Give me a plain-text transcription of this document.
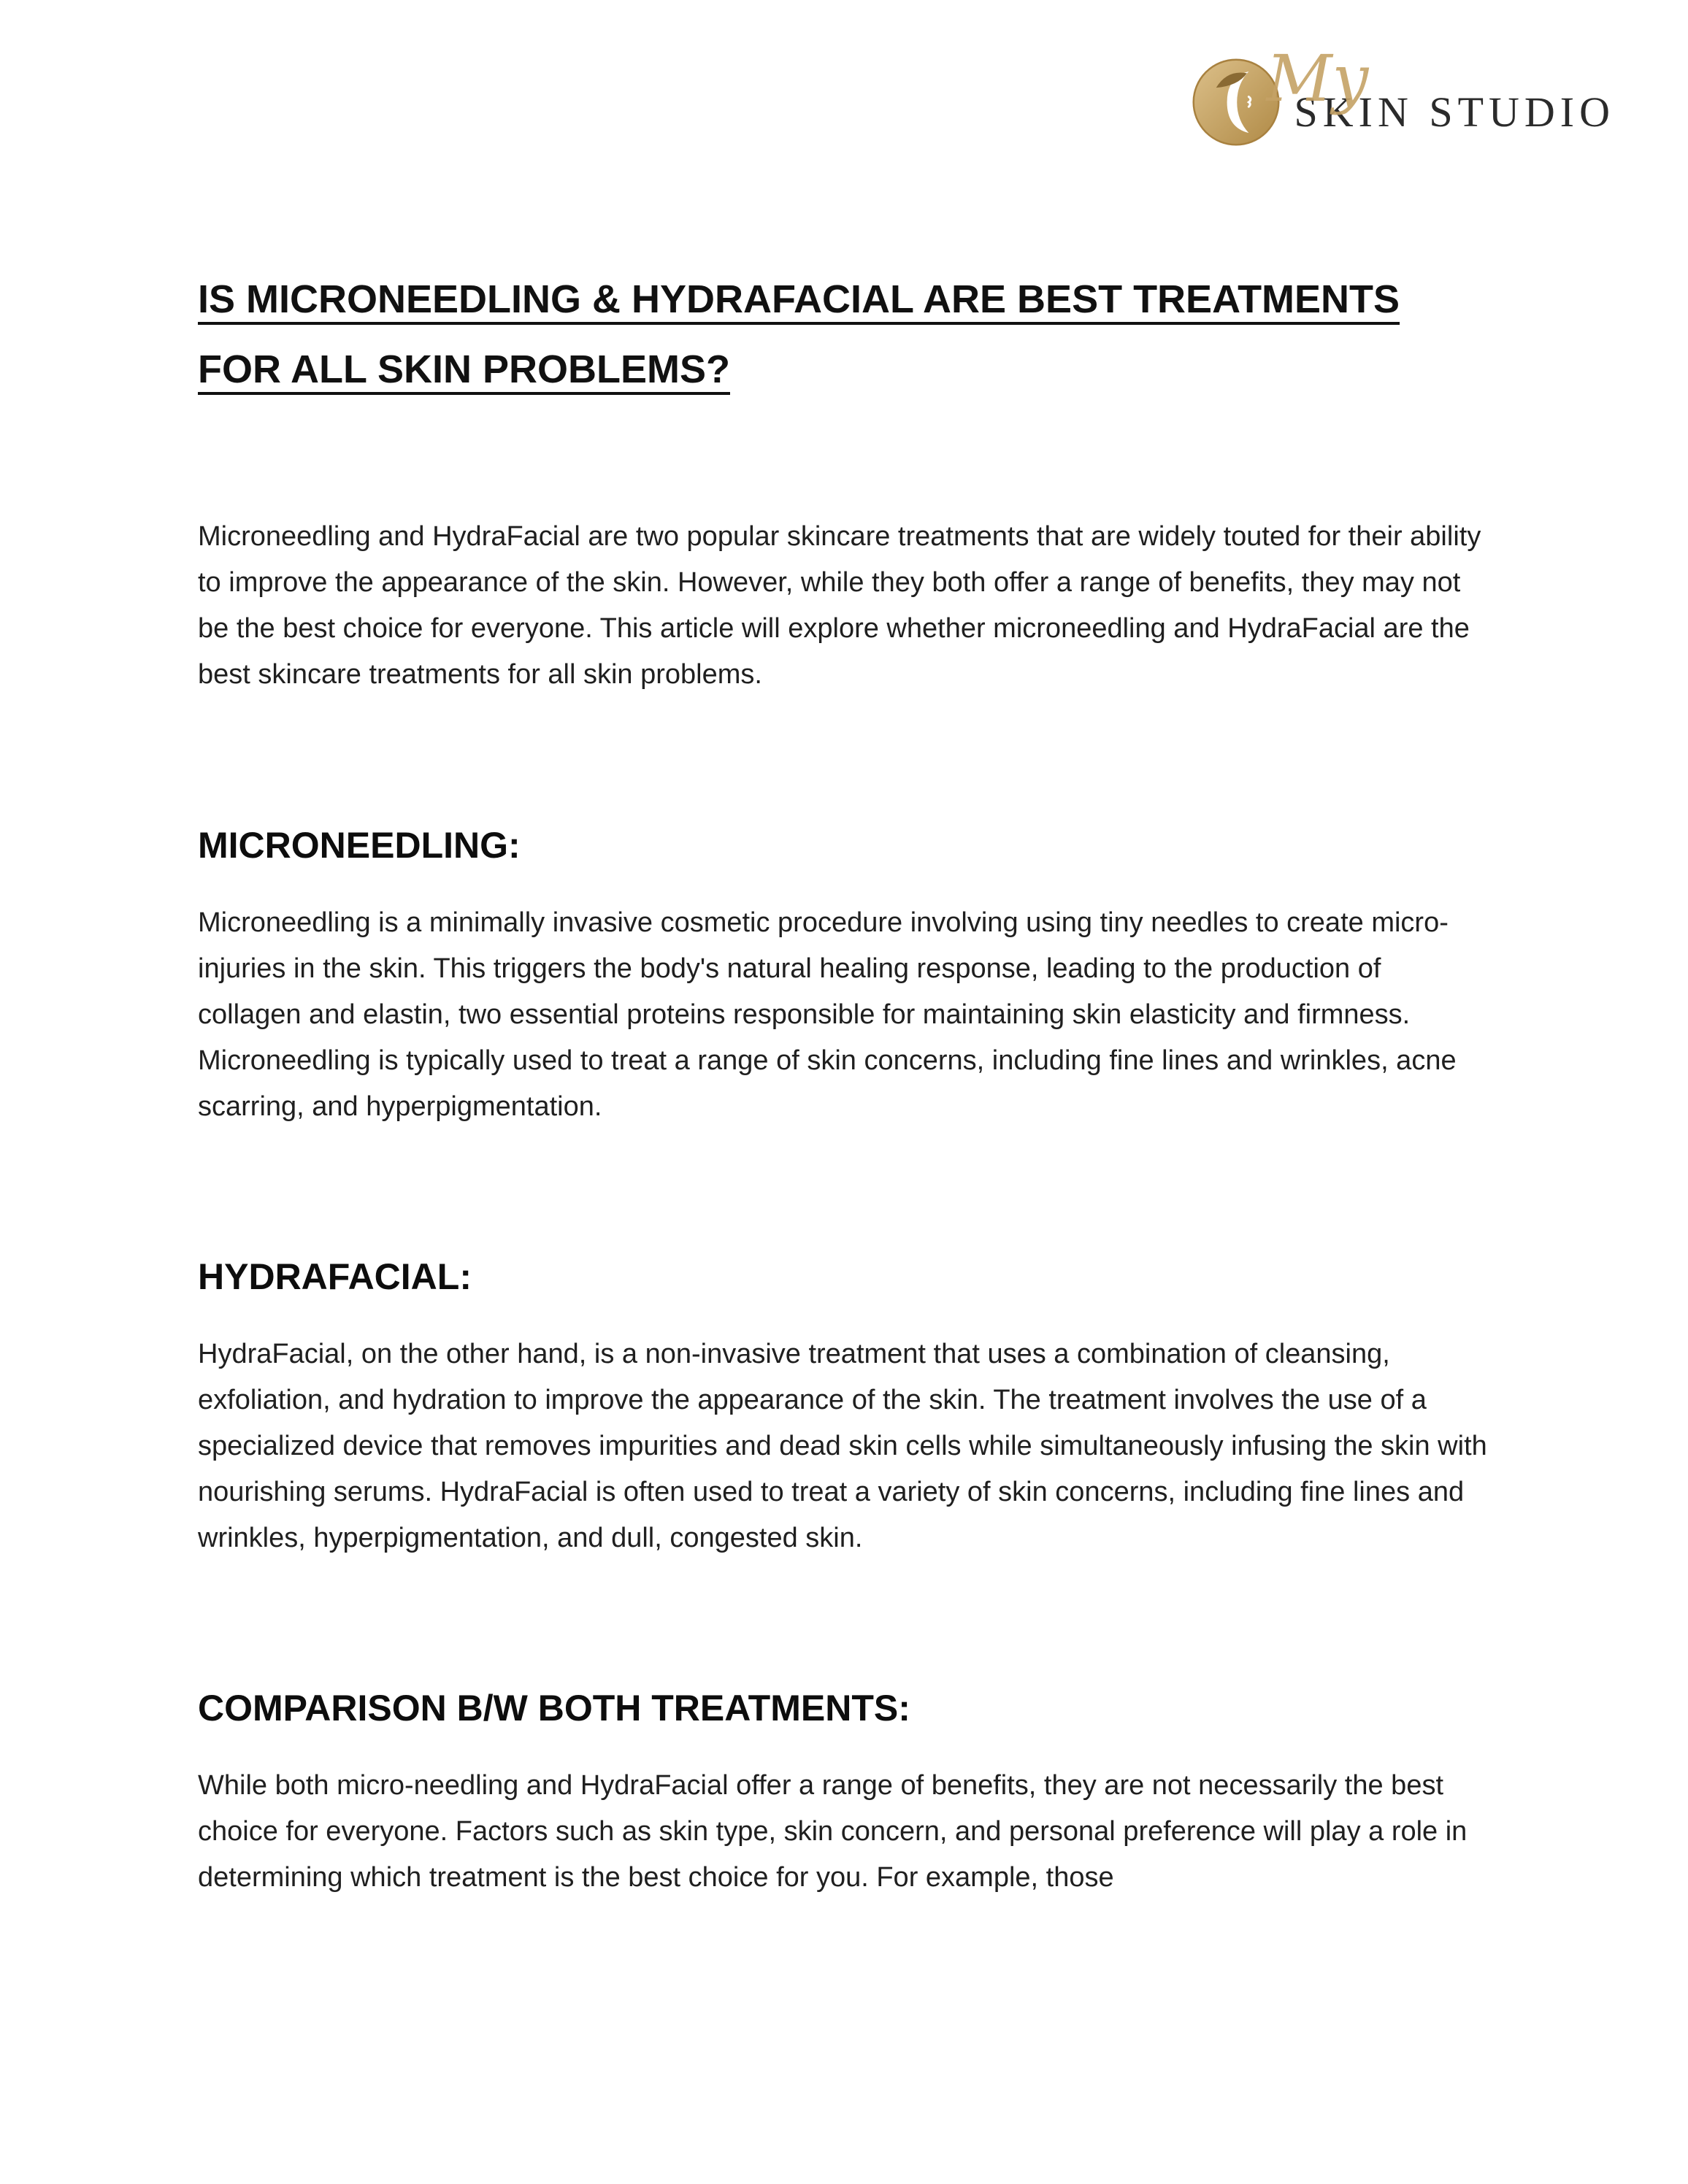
My
SKIN STUDIO
IS MICRONEEDLING & HYDRAFACIAL ARE BEST TREATMENTS
FOR ALL SKIN PROBLEMS?

Microneedling and HydraFacial are two popular skincare treatments that are widely touted for their ability to improve the appearance of the skin. However, while they both offer a range of benefits, they may not be the best choice for everyone. This article will explore whether microneedling and HydraFacial are the best skincare treatments for all skin problems.

MICRONEEDLING:

Microneedling is a minimally invasive cosmetic procedure involving using tiny needles to create micro-injuries in the skin. This triggers the body's natural healing response, leading to the production of collagen and elastin, two essential proteins responsible for maintaining skin elasticity and firmness. Microneedling is typically used to treat a range of skin concerns, including fine lines and wrinkles, acne scarring, and hyperpigmentation.

HYDRAFACIAL:

HydraFacial, on the other hand, is a non-invasive treatment that uses a combination of cleansing, exfoliation, and hydration to improve the appearance of the skin. The treatment involves the use of a specialized device that removes impurities and dead skin cells while simultaneously infusing the skin with nourishing serums. HydraFacial is often used to treat a variety of skin concerns, including fine lines and wrinkles, hyperpigmentation, and dull, congested skin.

COMPARISON B/W BOTH TREATMENTS:

While both micro-needling and HydraFacial offer a range of benefits, they are not necessarily the best choice for everyone. Factors such as skin type, skin concern, and personal preference will play a role in determining which treatment is the best choice for you. For example, those
